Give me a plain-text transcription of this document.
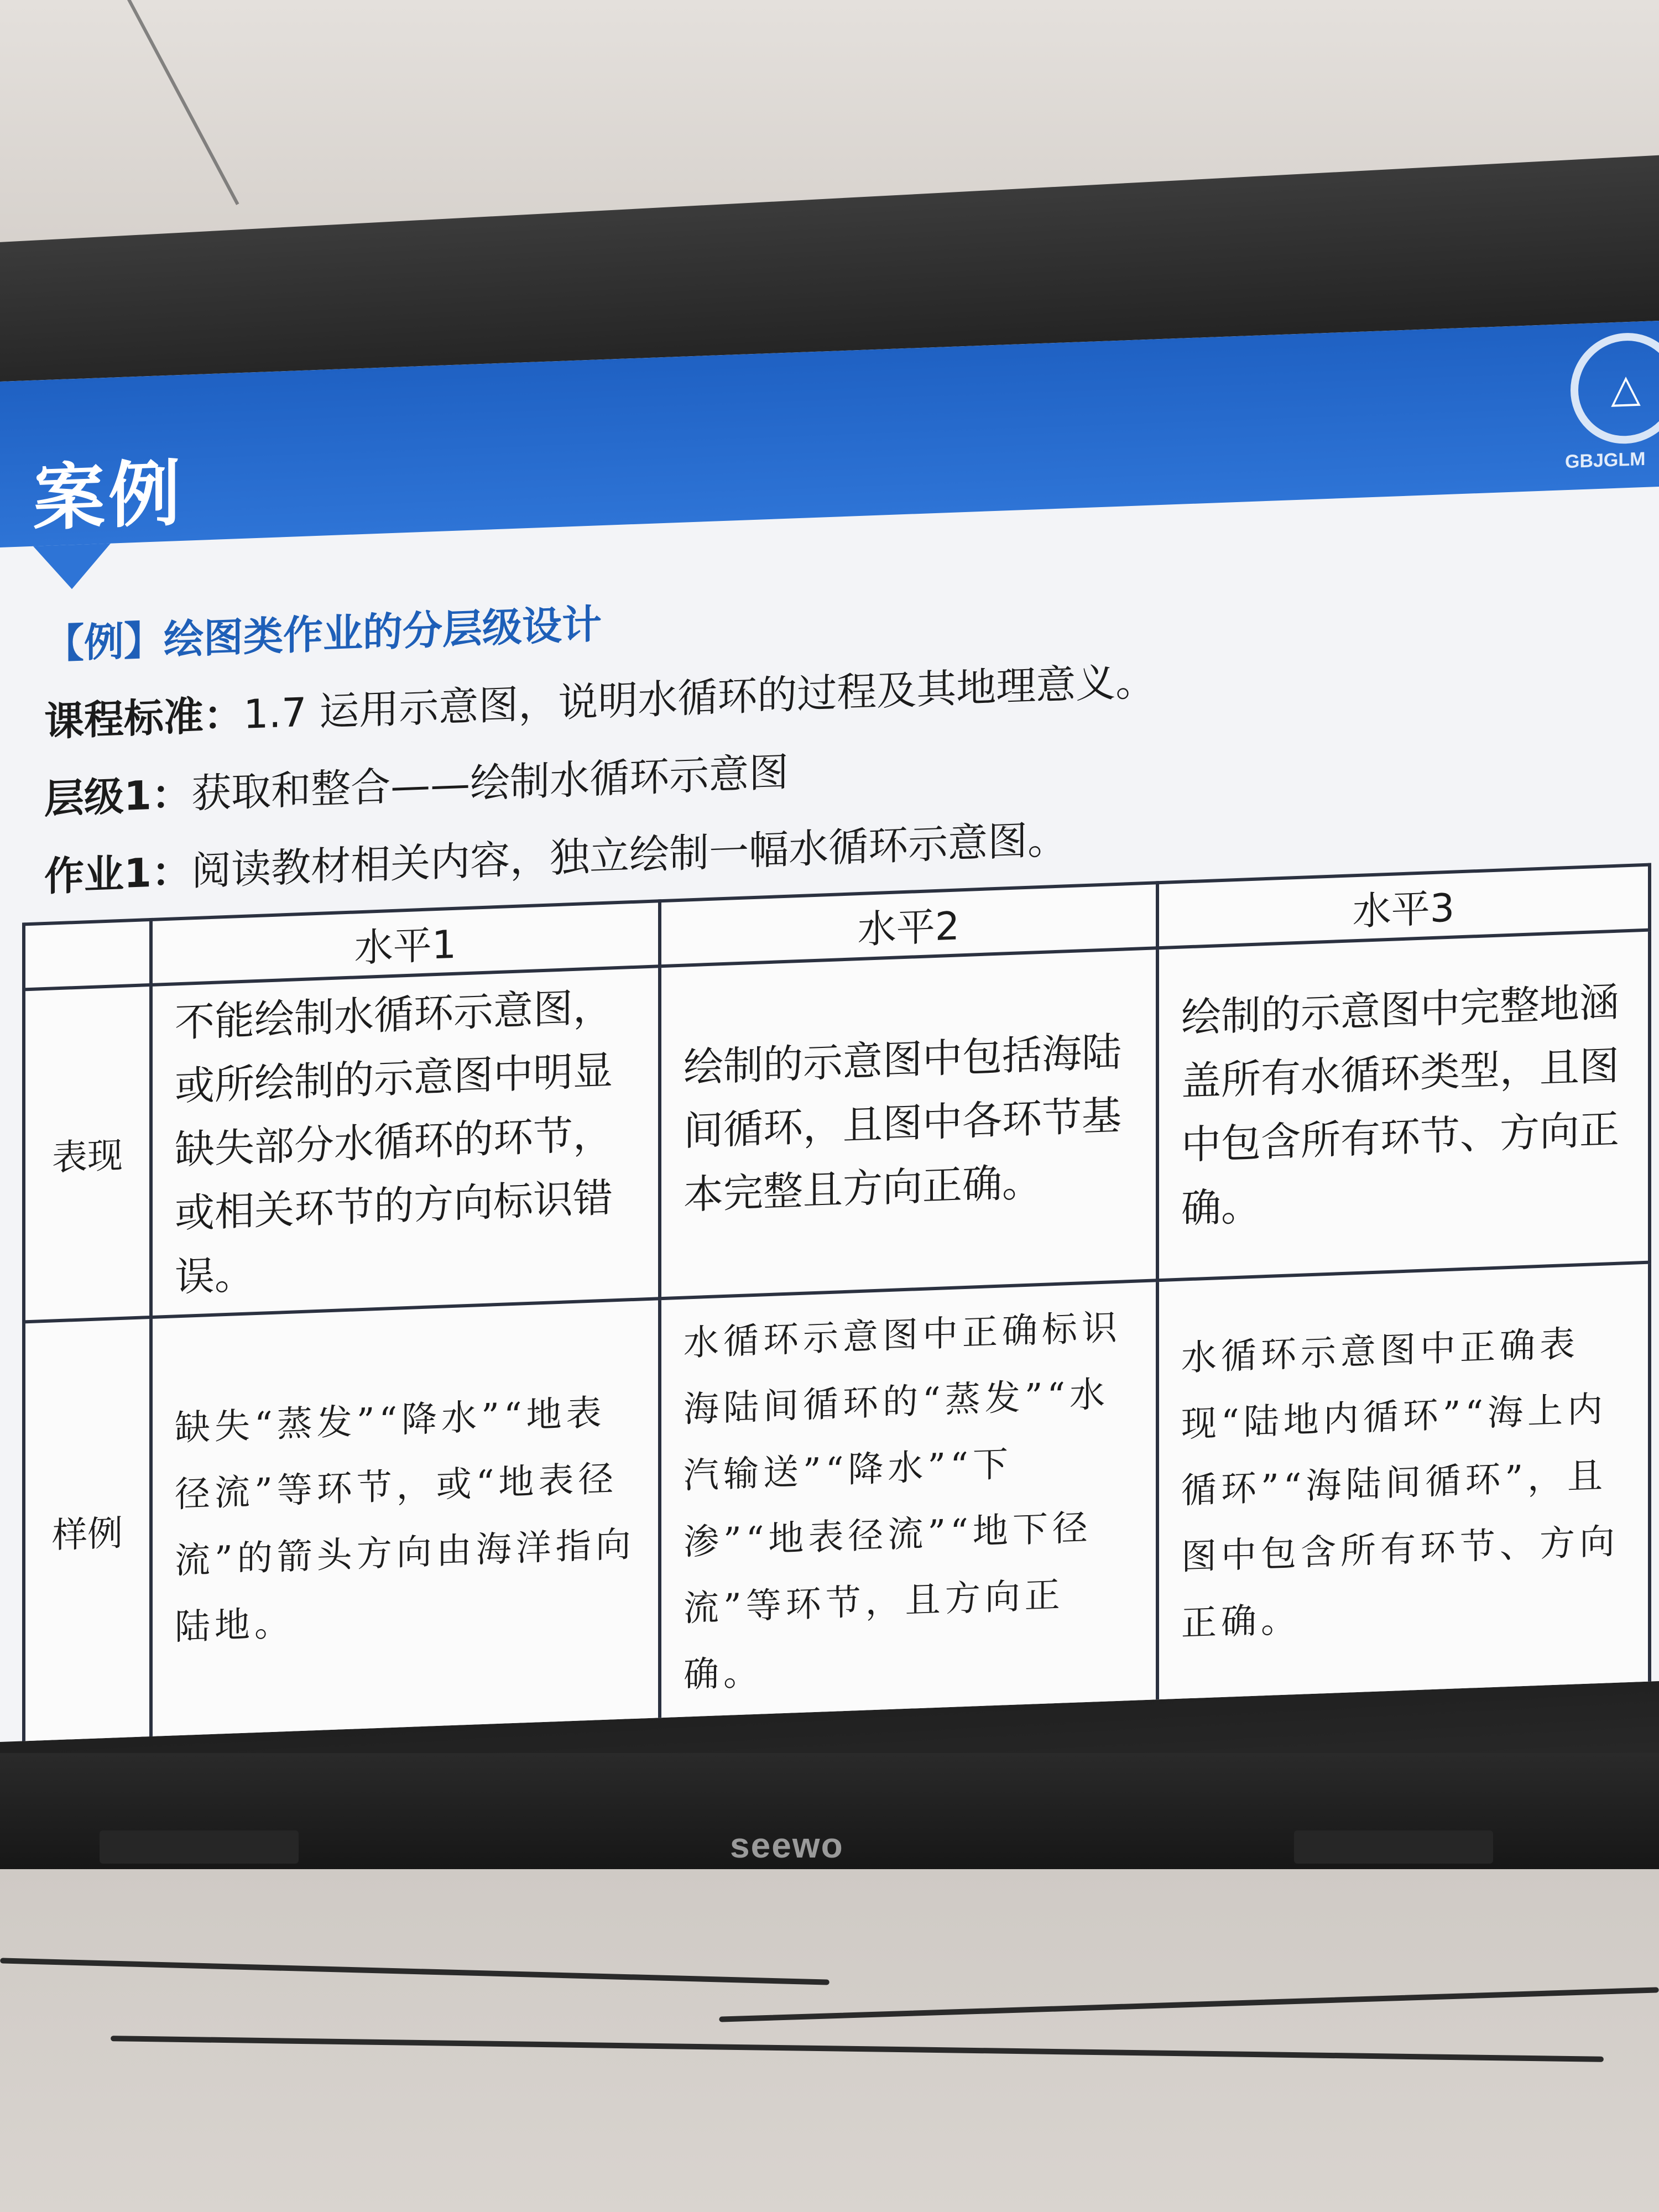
案例
△
GBJGLM
【例】绘图类作业的分层级设计
课程标准：1.7 运用示意图，说明水循环的过程及其地理意义。
层级1：获取和整合——绘制水循环示意图
作业1：阅读教材相关内容，独立绘制一幅水循环示意图。
	水平1	水平2	水平3
表现	不能绘制水循环示意图，或所绘制的示意图中明显缺失部分水循环的环节，或相关环节的方向标识错误。	绘制的示意图中包括海陆间循环，且图中各环节基本完整且方向正确。	绘制的示意图中完整地涵盖所有水循环类型，且图中包含所有环节、方向正确。
样例	缺失“蒸发”“降水”“地表径流”等环节，或“地表径流”的箭头方向由海洋指向陆地。	水循环示意图中正确标识海陆间循环的“蒸发”“水汽输送”“降水”“下渗”“地表径流”“地下径流”等环节，且方向正确。	水循环示意图中正确表现“陆地内循环”“海上内循环”“海陆间循环”，且图中包含所有环节、方向正确。
seewo
